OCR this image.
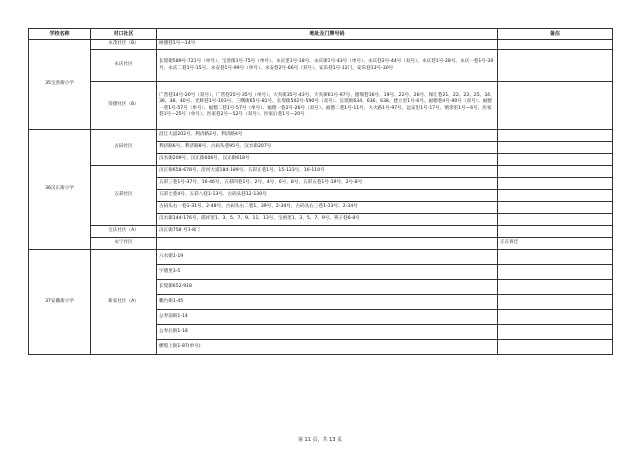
学校名称	对口社区	地址及门牌号码	备注
35宝善街小学	永茂社区（B）	树德巷1号—14号	
	永庆社区	长堤街589号-721号（单号）、宝善街1号-75号（单号）、永庆里1号-18号、永庆街1号-43号（单号）、永庆巷2号-44号（双号）、永庆巷1号-28号、永庆一巷1号-30号、永庆二巷1号-15号、永安巷1号-99号（单号）、永安巷2号-66号（双号）、安乐巷1号-12门、安乐巷13号-30号	
	崇德社区（B）	广营巷14号-20号（双号）、广营巷25号-35号（单号）、大夹街35号-43号、大夹街61号-97号、德瑞巷16号、19号、22号、26号、保汇巷21、22、23、25、34、36、38、40号、光辉巷1号-103号、三曙街65号-81号、长堤街502号-590号（双号）、长堤街634、636、638、建立里1号-6号、福德巷4号-90号（双号）、福德一巷1号-57号（单号）、福德二巷1号-57号（单号）、福德一巷2号-26号（双号）、福德二巷1号-11号、大火路1号-97号、远安里1号-17号、慎余里1号—6号、医家巷1号—25号（单号）、医家巷2号—52号（双号）、医家后巷1号—20号	
36汉正街小学	古码社区	沿江大道202号、利济路2号、利济路4号	
		利济路6号、利济路8号、古码头巷95号、汉水街207号	
		汉水街209号、汉正街606号、汉正街618号	
	五彩社区	汉正街658-678号、沿河大道184-189号、五彩正巷1号、15-123号、16-110号	
		五彩三巷1号-37号、16-46号、五彩四巷1号、2号、4号、6号、8号、五彩五巷1号-19号、2号-8号	
		五彩七巷4号、五彩八巷1-13号、古码头巷12-130号	
		古码头右一巷1-31号、2-48号、古码头右二巷1、39号、2-34号、古码头右三巷1-13号、2-34号	
		汉水街144-176号、儒祥里1、3、5、7、9、11、13号、宝裕里1、3、5、7、9号、筷子巷6-8号	
	宝庆社区（A）	汉正街758 号1-8门	
	永宁社区		正在拆迁
37安徽街小学	新安社区（A）	六水街1-19	
		宇德里3-5	
		长堤街652-918	
		鹏台街1-45	
		公寿前街1-14	
		公寿后街1-18	
		横堤上街1-87(单号)	
第 11 页，共 13 页
